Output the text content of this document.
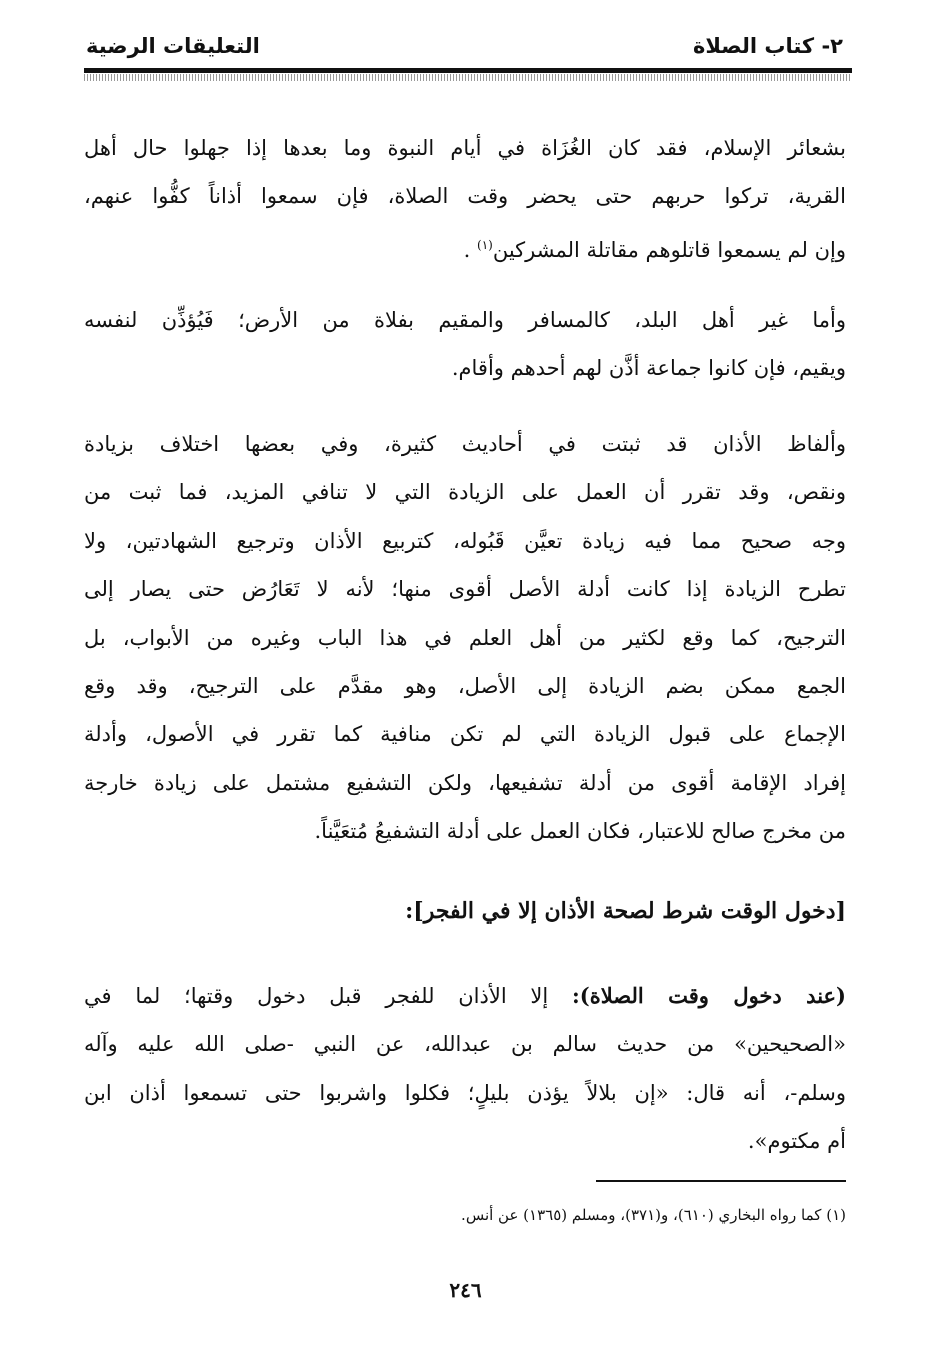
٢- كتاب الصلاة
التعليقات الرضية
بشعائر الإسلام، فقد كان الغُزَاة في أيام النبوة وما بعدها إذا جهلوا حال أهل
القرية، تركوا حربهم حتى يحضر وقت الصلاة، فإن سمعوا أذاناً كفُّوا عنهم،
وإن لم يسمعوا قاتلوهم مقاتلة المشركين$^{(١)}$ .
وأما غير أهل البلد، كالمسافر والمقيم بفلاة من الأرض؛ فَيُؤذِّن لنفسه
ويقيم، فإن كانوا جماعة أذَّن لهم أحدهم وأقام.
وألفاظ الأذان قد ثبتت في أحاديث كثيرة، وفي بعضها اختلاف بزيادة
ونقص، وقد تقرر أن العمل على الزيادة التي لا تنافي المزيد، فما ثبت من
وجه صحيح مما فيه زيادة تعيَّن قَبُوله، كتربيع الأذان وترجيع الشهادتين، ولا
تطرح الزيادة إذا كانت أدلة الأصل أقوى منها؛ لأنه لا تَعَارُض حتى يصار إلى
الترجيح، كما وقع لكثير من أهل العلم في هذا الباب وغيره من الأبواب، بل
الجمع ممكن بضم الزيادة إلى الأصل، وهو مقدَّم على الترجيح، وقد وقع
الإجماع على قبول الزيادة التي لم تكن منافية كما تقرر في الأصول، وأدلة
إفراد الإقامة أقوى من أدلة تشفيعها، ولكن التشفيع مشتمل على زيادة خارجة
من مخرج صالح للاعتبار، فكان العمل على أدلة التشفيعُ مُتعَيَّناً.
[دخول الوقت شرط لصحة الأذان إلا في الفجر]:
(عند دخول وقت الصلاة): إلا الأذان للفجر قبل دخول وقتها؛ لما في
«الصحيحين» من حديث سالم بن عبدالله، عن النبي -صلى الله عليه وآله
وسلم-، أنه قال: «إن بلالاً يؤذن بليلٍ؛ فكلوا واشربوا حتى تسمعوا أذان ابن
أم مكتوم».
(١) كما رواه البخاري (٦١٠)، و(٣٧١)، ومسلم (١٣٦٥) عن أنس.
٢٤٦
